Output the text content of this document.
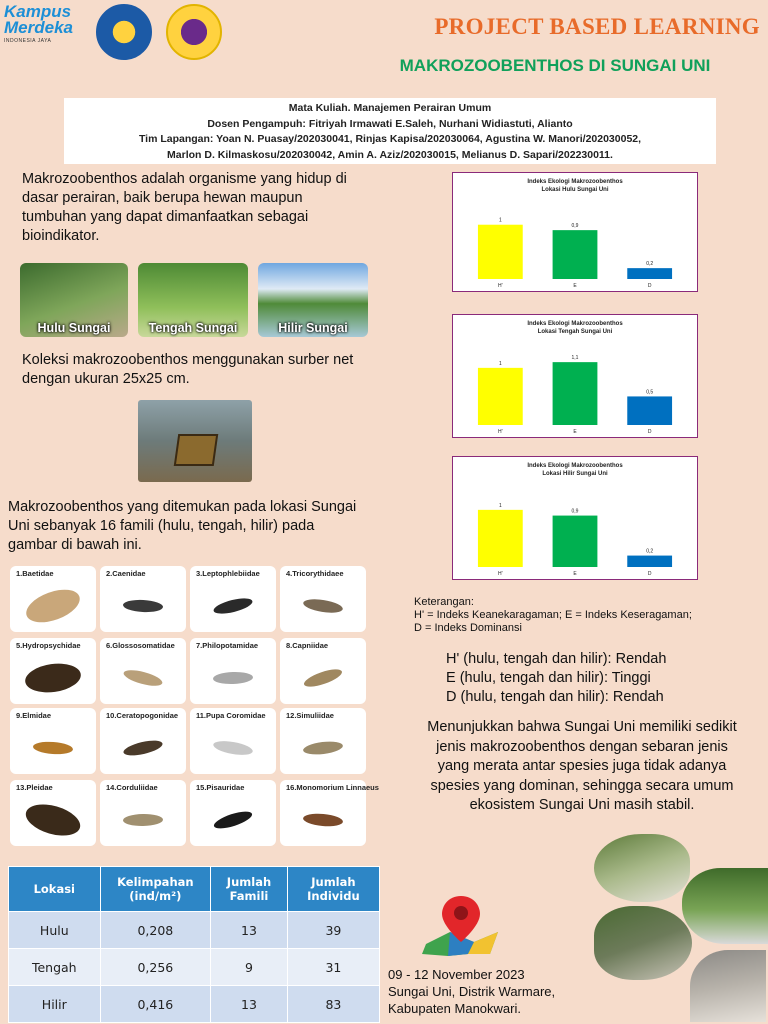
Kampus
Merdeka
INDONESIA JAYA
PROJECT BASED LEARNING
MAKROZOOBENTHOS DI SUNGAI UNI
Mata Kuliah. Manajemen Perairan Umum
Dosen Pengampuh: Fitriyah Irmawati E.Saleh, Nurhani Widiastuti, Alianto
Tim Lapangan: Yoan N. Puasay/202030041, Rinjas Kapisa/202030064, Agustina W. Manori/202030052,
Marlon D. Kilmaskosu/202030042, Amin A. Aziz/202030015, Melianus D. Sapari/202230011.
Makrozoobenthos adalah organisme yang hidup di dasar perairan, baik berupa hewan maupun tumbuhan yang dapat dimanfaatkan sebagai bioindikator.
Hulu Sungai	Tengah Sungai	Hilir Sungai
Koleksi makrozoobenthos menggunakan surber net dengan ukuran 25x25 cm.
Makrozoobenthos yang ditemukan pada lokasi Sungai Uni sebanyak 16 famili (hulu, tengah, hilir) pada gambar di bawah ini.
1.Baetidae	2.Caenidae	3.Leptophlebiidae	4.Tricorythidaee
5.Hydropsychidae	6.Glossosomatidae	7.Philopotamidae	8.Capniidae
9.Elmidae	10.Ceratopogonidae 11.Pupa Coromidae	12.Simuliidae
13.Pleidae	14.Corduliidae	15.Pisauridae	16.Monomorium Linnaeus
Indeks Ekologi Makrozoobenthos
Lokasi Hulu Sungai Uni
1
H'
0,9
E
0,2
D
Indeks Ekologi Makrozoobenthos
Lokasi Tengah Sungai Uni
1
H'
1,1
E
0,5
D
Indeks Ekologi Makrozoobenthos
Lokasi Hilir Sungai Uni
1
H'
0,9
E
0,2
D
Keterangan:
H' = Indeks Keanekaragaman; E = Indeks Keseragaman;
D = Indeks Dominansi
H' (hulu, tengah dan hilir): Rendah
E (hulu, tengah dan hilir): Tinggi
D (hulu, tengah dan hilir): Rendah
Menunjukkan bahwa Sungai Uni memiliki sedikit jenis makrozoobenthos dengan sebaran jenis yang merata antar spesies juga tidak adanya spesies yang dominan, sehingga secara umum ekosistem Sungai Uni masih stabil.
Lokasi	Kelimpahan (ind/m²)	Jumlah Famili	Jumlah Individu
Hulu	0,208	13	39
Tengah	0,256	9	31
Hilir	0,416	13	83
09 - 12 November 2023
Sungai Uni, Distrik Warmare,
Kabupaten Manokwari.
